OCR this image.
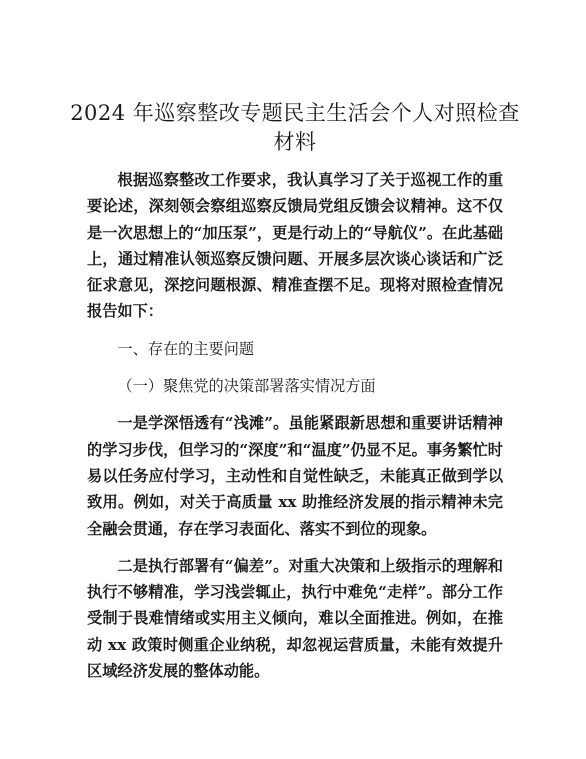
2024 年巡察整改专题民主生活会个人对照检查材料

根据巡察整改工作要求，我认真学习了关于巡视工作的重要论述，深刻领会察组巡察反馈局党组反馈会议精神。这不仅是一次思想上的“加压泵”，更是行动上的“导航仪”。在此基础上，通过精准认领巡察反馈问题、开展多层次谈心谈话和广泛征求意见，深挖问题根源、精准查摆不足。现将对照检查情况报告如下：

一、存在的主要问题

（一）聚焦党的决策部署落实情况方面

一是学深悟透有“浅滩”。虽能紧跟新思想和重要讲话精神的学习步伐，但学习的“深度”和“温度”仍显不足。事务繁忙时易以任务应付学习，主动性和自觉性缺乏，未能真正做到学以致用。例如，对关于高质量 xx 助推经济发展的指示精神未完全融会贯通，存在学习表面化、落实不到位的现象。

二是执行部署有“偏差”。对重大决策和上级指示的理解和执行不够精准，学习浅尝辄止，执行中难免“走样”。部分工作受制于畏难情绪或实用主义倾向，难以全面推进。例如，在推动 xx 政策时侧重企业纳税，却忽视运营质量，未能有效提升区域经济发展的整体动能。
